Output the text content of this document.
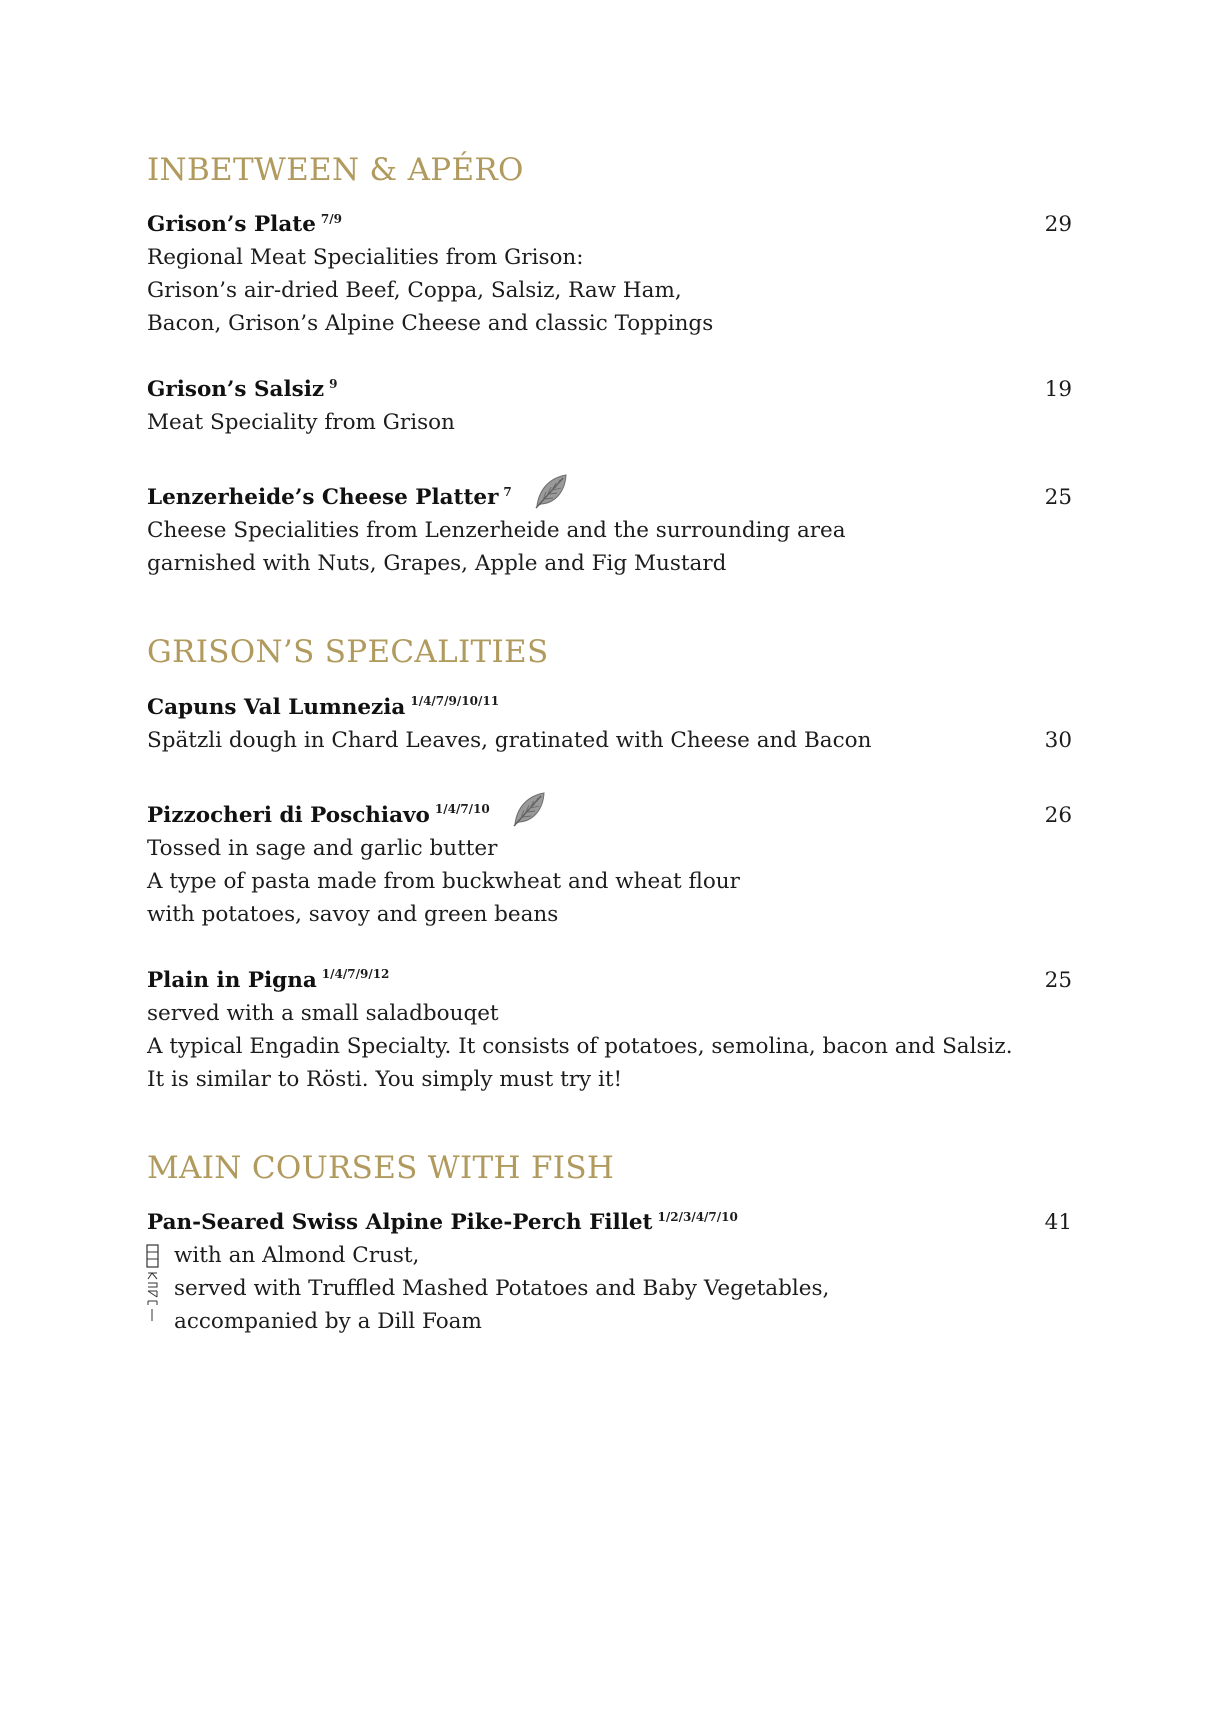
INBETWEEN & APÉRO
Grison’s Plate $^{7/9}$	29
Regional Meat Specialities from Grison:
Grison’s air-dried Beef, Coppa, Salsiz, Raw Ham,
Bacon, Grison’s Alpine Cheese and classic Toppings
Grison’s Salsiz $^9$	19
Meat Speciality from Grison
Lenzerheide’s Cheese Platter $^7$	25
Cheese Specialities from Lenzerheide and the surrounding area
garnished with Nuts, Grapes, Apple and Fig Mustard
GRISON’S SPECALITIES
Capuns Val Lumnezia $^{1/4/7/9/10/11}$
Spätzli dough in Chard Leaves, gratinated with Cheese and Bacon	30
Pizzocheri di Poschiavo $^{1/4/7/10}$	26
Tossed in sage and garlic butter
A type of pasta made from buckwheat and wheat flour
with potatoes, savoy and green beans
Plain in Pigna $^{1/4/7/9/12}$	25
served with a small saladbouqet
A typical Engadin Specialty. It consists of potatoes, semolina, bacon and Salsiz.
It is similar to Rösti. You simply must try it!
MAIN COURSES WITH FISH
Pan-Seared Swiss Alpine Pike-Perch Fillet $^{1/2/3/4/7/10}$	41
with an Almond Crust,
served with Truffled Mashed Potatoes and Baby Vegetables,
accompanied by a Dill Foam
